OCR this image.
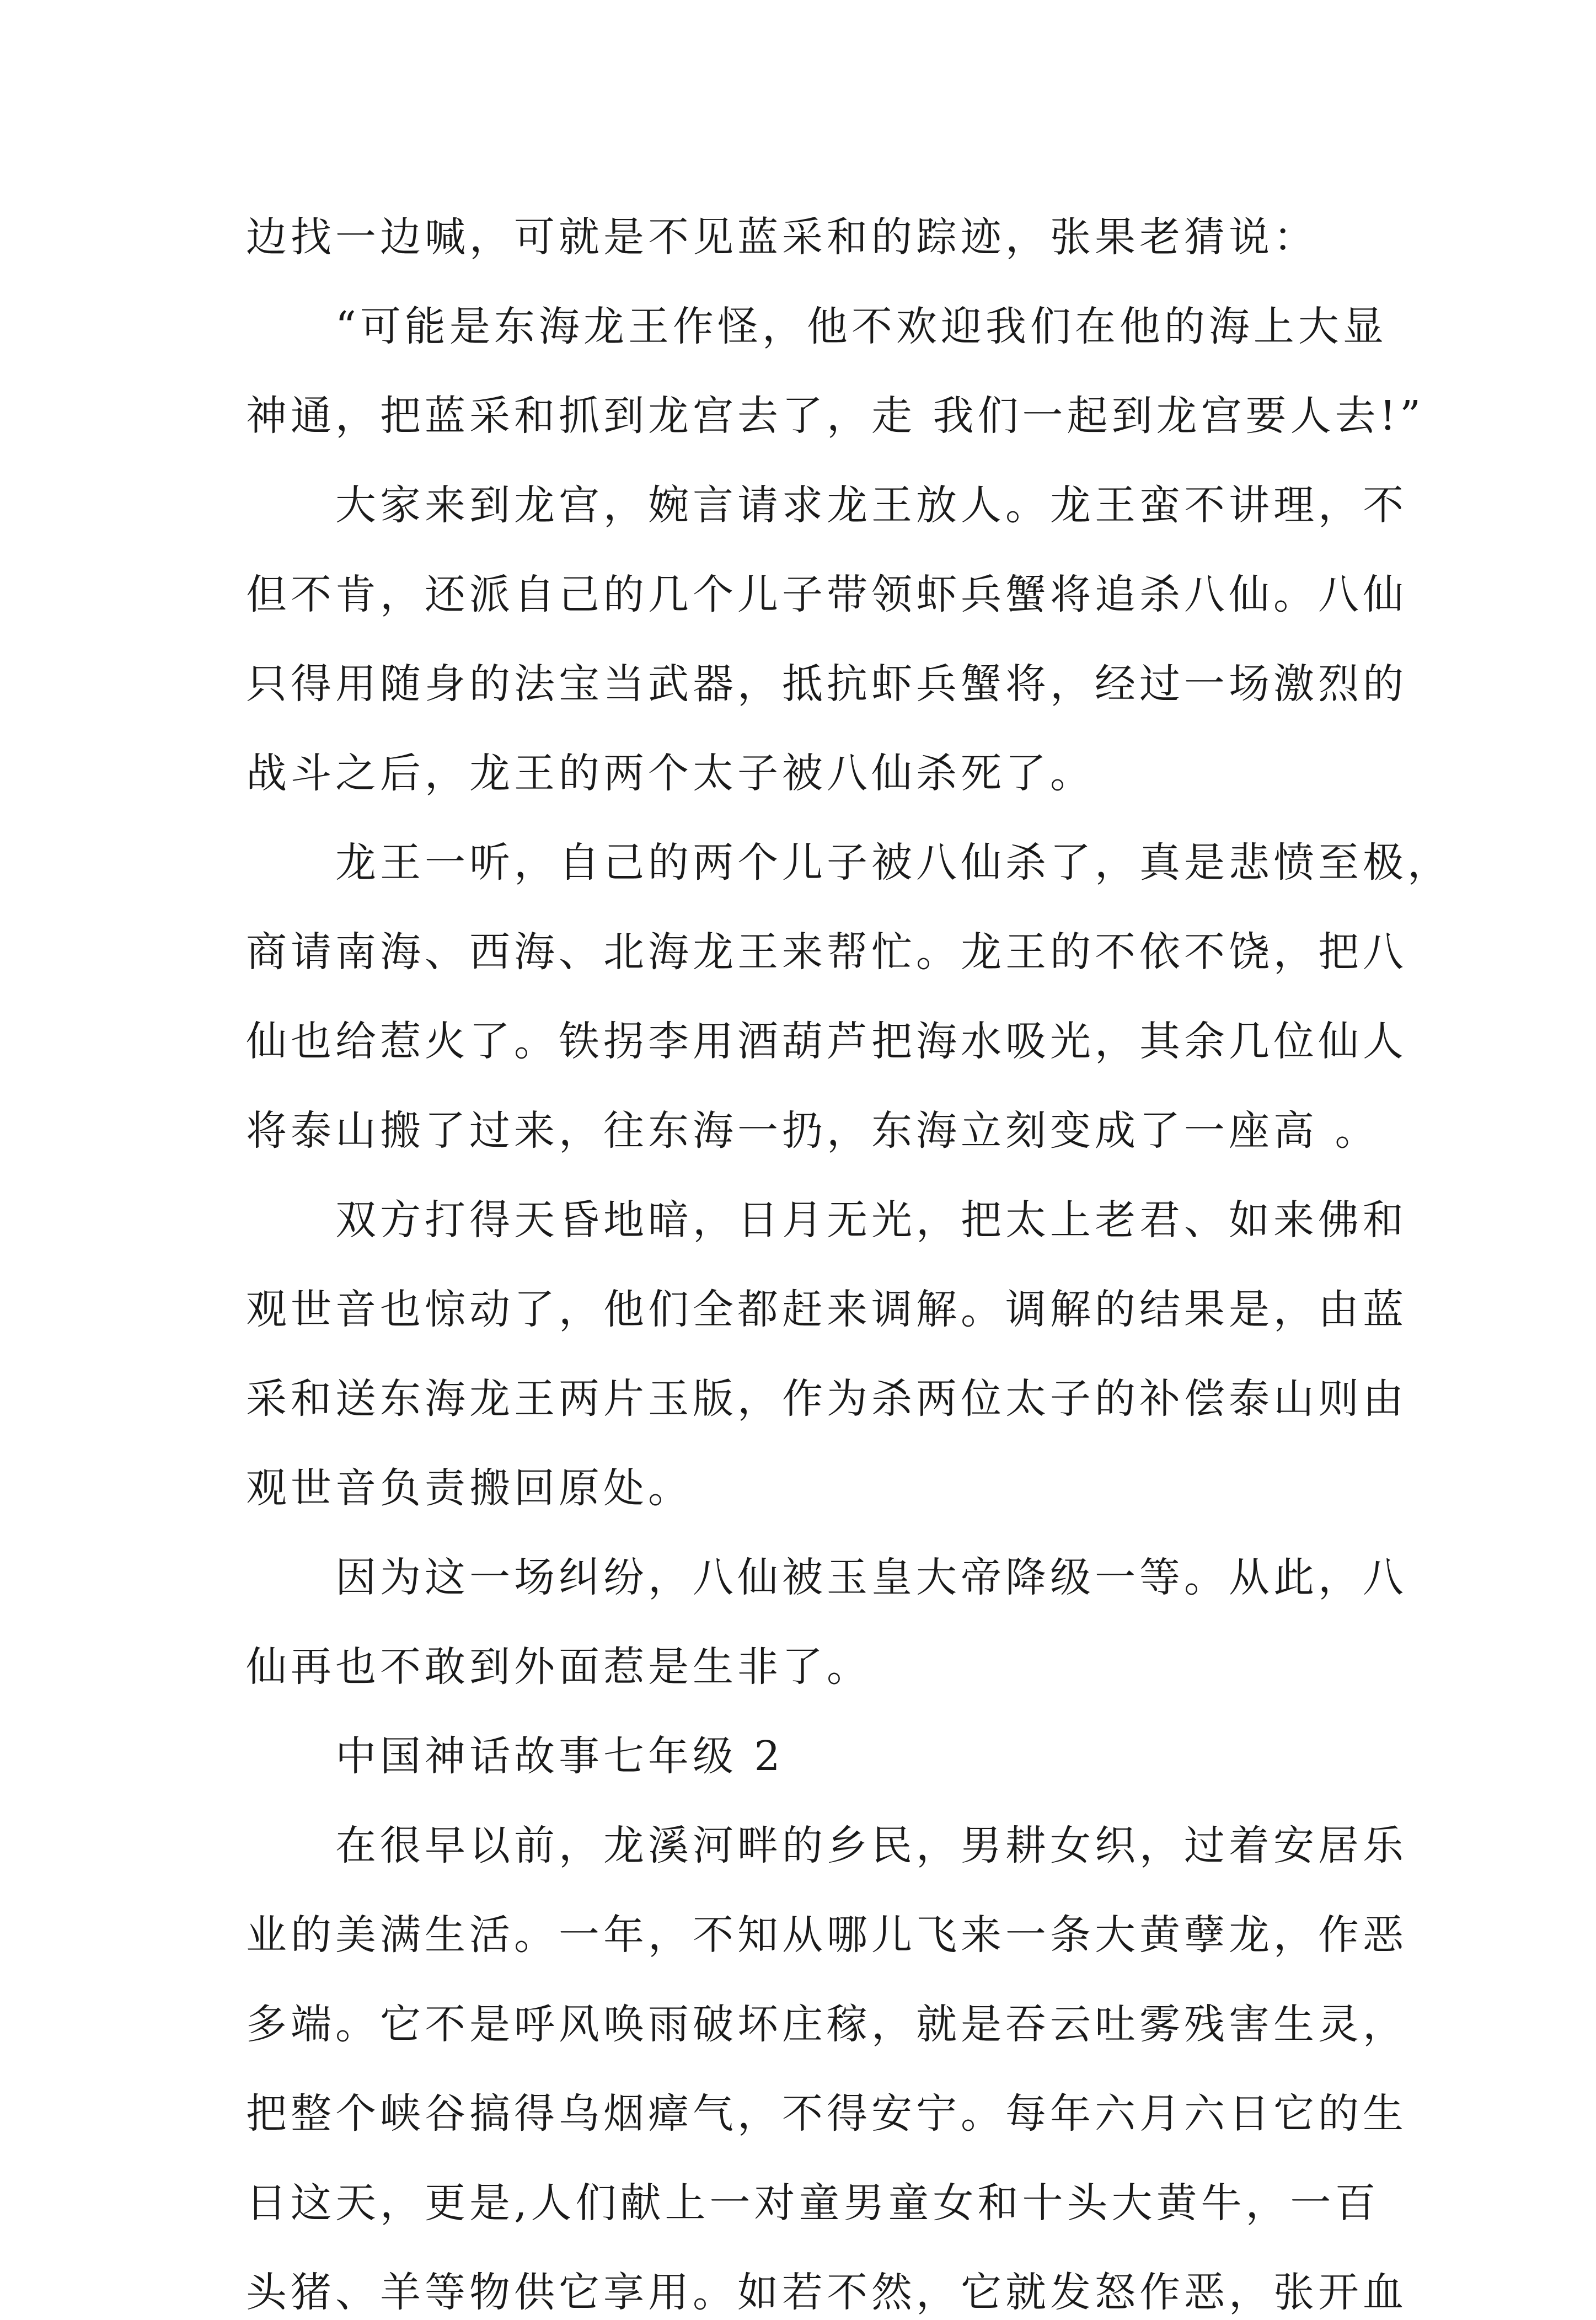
边找一边喊，可就是不见蓝采和的踪迹，张果老猜说：
　　“可能是东海龙王作怪，他不欢迎我们在他的海上大显
神通，把蓝采和抓到龙宫去了，走 我们一起到龙宫要人去!”
　　大家来到龙宫，婉言请求龙王放人。龙王蛮不讲理，不
但不肯，还派自己的几个儿子带领虾兵蟹将追杀八仙。八仙
只得用随身的法宝当武器，抵抗虾兵蟹将，经过一场激烈的
战斗之后，龙王的两个太子被八仙杀死了。
　　龙王一听，自己的两个儿子被八仙杀了，真是悲愤至极，
商请南海、西海、北海龙王来帮忙。龙王的不依不饶，把八
仙也给惹火了。铁拐李用酒葫芦把海水吸光，其余几位仙人
将泰山搬了过来，往东海一扔，东海立刻变成了一座高 。
　　双方打得天昏地暗，日月无光，把太上老君、如来佛和
观世音也惊动了，他们全都赶来调解。调解的结果是，由蓝
采和送东海龙王两片玉版，作为杀两位太子的补偿泰山则由
观世音负责搬回原处。
　　因为这一场纠纷，八仙被玉皇大帝降级一等。从此，八
仙再也不敢到外面惹是生非了。
　　中国神话故事七年级 2
　　在很早以前，龙溪河畔的乡民，男耕女织，过着安居乐
业的美满生活。一年，不知从哪儿飞来一条大黄孽龙，作恶
多端。它不是呼风唤雨破坏庄稼，就是吞云吐雾残害生灵，
把整个峡谷搞得乌烟瘴气，不得安宁。每年六月六日它的生
日这天，更是,人们献上一对童男童女和十头大黄牛，一百
头猪、羊等物供它享用。如若不然，它就发怒作恶，张开血
